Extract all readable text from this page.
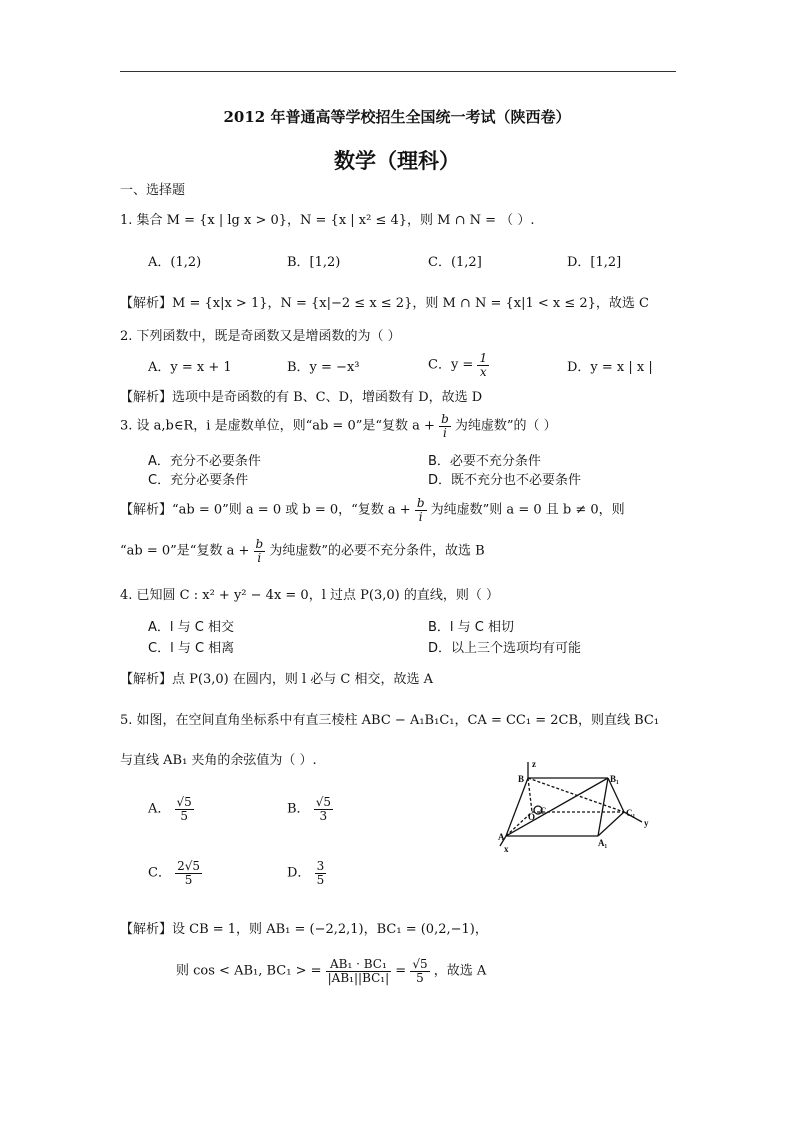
2012 年普通高等学校招生全国统一考试（陕西卷）
数学（理科）
一、选择题
1. 集合 M = {x | lg x > 0}，N = {x | x² ≤ 4}，则 M ∩ N = （ ）.
A．(1,2)	B．[1,2)	C．(1,2]	D．[1,2]
【解析】M = {x|x > 1}，N = {x|−2 ≤ x ≤ 2}，则 M ∩ N = {x|1 < x ≤ 2}，故选 C
2. 下列函数中，既是奇函数又是增函数的为（ ）
A．y = x + 1	B．y = −x³	C．$y = \frac{1}{x}$	D．y = x | x |
【解析】选项中是奇函数的有 B、C、D，增函数有 D，故选 D
3. 设 a,b∈R，i 是虚数单位，则“ab = 0”是“复数 $a + \frac{b}{i}$ 为纯虚数”的（ ）
A．充分不必要条件	B．必要不充分条件
C．充分必要条件	D．既不充分也不必要条件
【解析】“ab = 0”则 a = 0 或 b = 0，“复数 $a + \frac{b}{i}$ 为纯虚数”则 a = 0 且 b ≠ 0，则
“ab = 0”是“复数 $a + \frac{b}{i}$ 为纯虚数”的必要不充分条件，故选 B
4. 已知圆 C : x² + y² − 4x = 0，l 过点 P(3,0) 的直线，则（ ）
A．l 与 C 相交	B．l 与 C 相切
C．l 与 C 相离	D．以上三个选项均有可能
【解析】点 P(3,0) 在圆内，则 l 必与 C 相交，故选 A
5. 如图，在空间直角坐标系中有直三棱柱 ABC − A₁B₁C₁，CA = CC₁ = 2CB，则直线 BC₁
与直线 AB₁ 夹角的余弦值为（ ）.
A． $\frac{√5}{5}$	B． $\frac{√5}{3}$
C． $\frac{2√5}{5}$	D． $\frac{3}{5}$
【解析】设 CB = 1，则 AB₁ = (−2,2,1)，BC₁ = (0,2,−1)，
则 cos < AB₁, BC₁ > = $\frac{\text{AB₁ · BC₁}}{\text{|AB₁||BC₁|}} = \frac{√5}{5}$ ，故选 A
z
B	B₁
C
O	C₁
y
A
A₁
x
